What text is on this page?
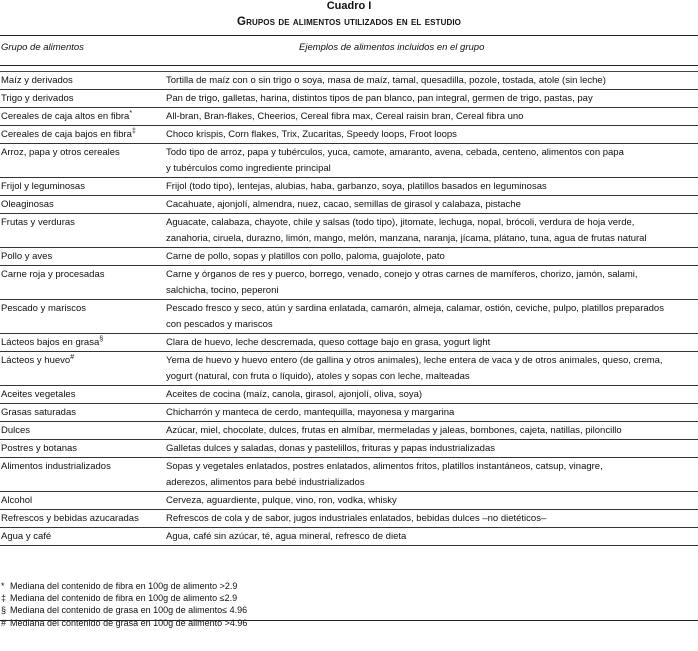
Cuadro I
Grupos de alimentos utilizados en el estudio
Grupo de alimentos	Ejemplos de alimentos incluidos en el grupo
Maíz y derivados	Tortilla de maíz con o sin trigo o soya, masa de maíz, tamal, quesadilla, pozole, tostada, atole (sin leche)
Trigo y derivados	Pan de trigo, galletas, harina, distintos tipos de pan blanco, pan integral, germen de trigo, pastas, pay
Cereales de caja altos en fibra*	All-bran, Bran-flakes, Cheerios, Cereal fibra max, Cereal raisin bran, Cereal fibra uno
Cereales de caja bajos en fibra‡	Choco krispis, Corn flakes, Trix, Zucaritas, Speedy loops, Froot loops
Arroz, papa y otros cereales	Todo tipo de arroz, papa y tubérculos, yuca, camote, amaranto, avena, cebada, centeno, alimentos con papa
y tubérculos como ingrediente principal
Frijol y leguminosas	Frijol (todo tipo), lentejas, alubias, haba, garbanzo, soya, platillos basados en leguminosas
Oleaginosas	Cacahuate, ajonjolí, almendra, nuez, cacao, semillas de girasol y calabaza, pistache
Frutas y verduras	Aguacate, calabaza, chayote, chile y salsas (todo tipo), jitomate, lechuga, nopal, brócoli, verdura de hoja verde,
zanahoria, ciruela, durazno, limón, mango, melón, manzana, naranja, jícama, plátano, tuna, agua de frutas natural
Pollo y aves	Carne de pollo, sopas y platillos con pollo, paloma, guajolote, pato
Carne roja y procesadas	Carne y órganos de res y puerco, borrego, venado, conejo y otras carnes de mamíferos, chorizo, jamón, salami,
salchicha, tocino, peperoni
Pescado y mariscos	Pescado fresco y seco, atún y sardina enlatada, camarón, almeja, calamar, ostión, ceviche, pulpo, platillos preparados
con pescados y mariscos
Lácteos bajos en grasa§	Clara de huevo, leche descremada, queso cottage bajo en grasa, yogurt light
Lácteos y huevo#	Yema de huevo y huevo entero (de gallina y otros animales), leche entera de vaca y de otros animales, queso, crema,
yogurt (natural, con fruta o líquido), atoles y sopas con leche, malteadas
Aceites vegetales	Aceites de cocina (maíz, canola, girasol, ajonjolí, oliva, soya)
Grasas saturadas	Chicharrón y manteca de cerdo, mantequilla, mayonesa y margarina
Dulces	Azúcar, miel, chocolate, dulces, frutas en almíbar, mermeladas y jaleas, bombones, cajeta, natillas, piloncillo
Postres y botanas	Galletas dulces y saladas, donas y pastelillos, frituras y papas industrializadas
Alimentos industrializados	Sopas y vegetales enlatados, postres enlatados, alimentos fritos, platillos instantáneos, catsup, vinagre,
aderezos, alimentos para bebé industrializados
Alcohol	Cerveza, aguardiente, pulque, vino, ron, vodka, whisky
Refrescos y bebidas azucaradas	Refrescos de cola y de sabor, jugos industriales enlatados, bebidas dulces –no dietéticos–
Agua y café	Agua, café sin azúcar, té, agua mineral, refresco de dieta
* Mediana del contenido de fibra en 100g de alimento >2.9
‡ Mediana del contenido de fibra en 100g de alimento ≤2.9
§ Mediana del contenido de grasa en 100g de alimento≤ 4.96
# Mediana del contenido de grasa en 100g de alimento >4.96
